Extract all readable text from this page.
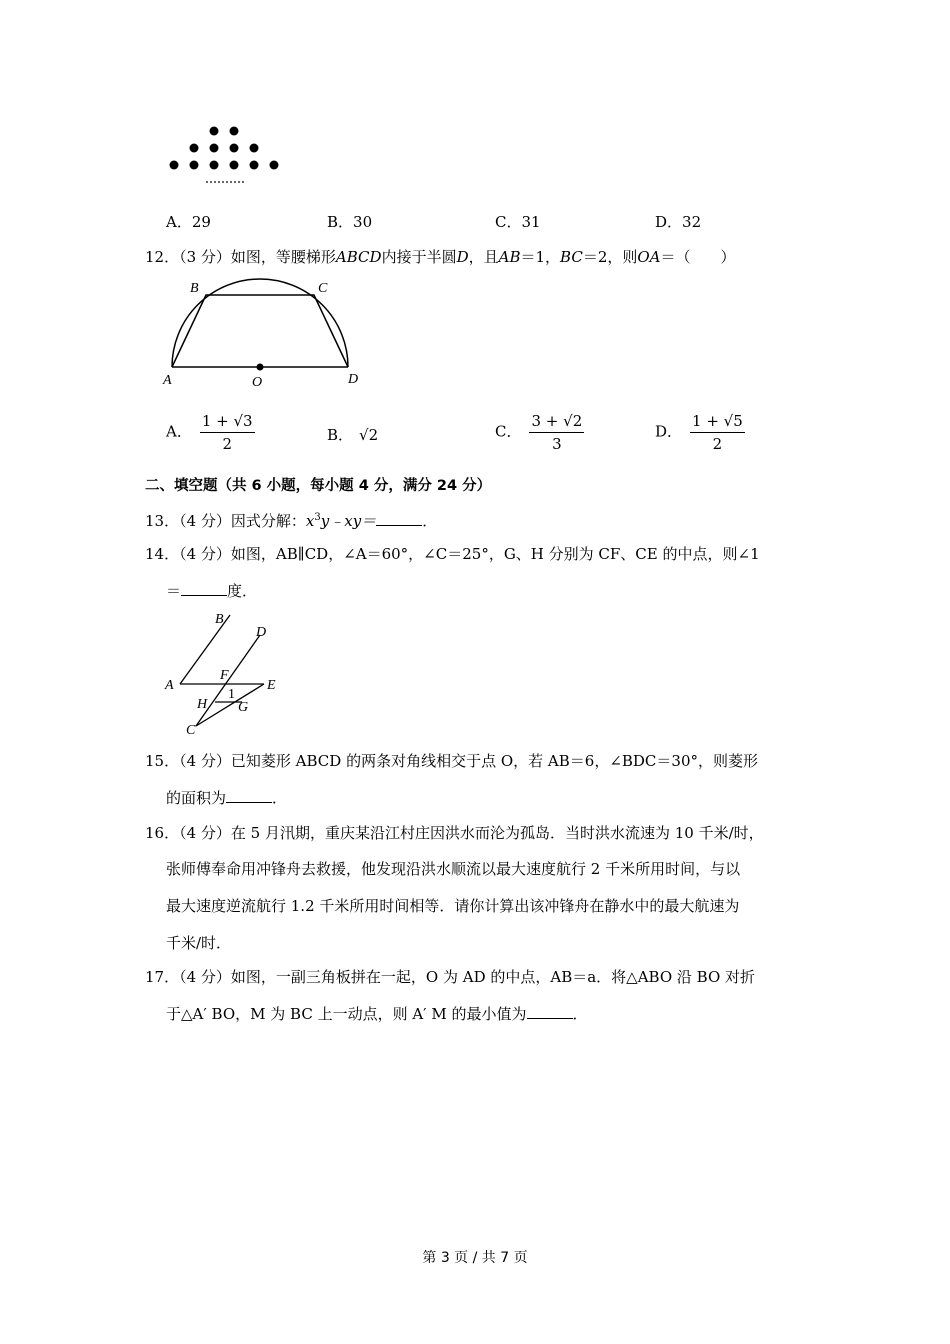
A．29	B．30	C．31	D．32
12．（3 分）如图，等腰梯形ABCD内接于半圆D，且AB＝1，BC＝2，则OA＝（　　）
A
B	C
D
O
A． $\frac{1 + √3}{2}$	B． √2	C． $\frac{3 + √2}{3}$	D． $\frac{1 + √5}{2}$
二、填空题（共 6 小题，每小题 4 分，满分 24 分）
13．（4 分）因式分解：$x^3y﹣xy=$	．
14．（4 分）如图，AB∥CD，∠A＝60°，∠C＝25°，G、H 分别为 CF、CE 的中点，则∠1
＝	度．
A
B
C
D
E
F
G
H
1
15．（4 分）已知菱形 ABCD 的两条对角线相交于点 O，若 AB＝6，∠BDC＝30°，则菱形
的面积为	．
16．（4 分）在 5 月汛期，重庆某沿江村庄因洪水而沦为孤岛．当时洪水流速为 10 千米/时，
张师傅奉命用冲锋舟去救援，他发现沿洪水顺流以最大速度航行 2 千米所用时间，与以
最大速度逆流航行 1.2 千米所用时间相等．请你计算出该冲锋舟在静水中的最大航速为
千米/时．
17．（4 分）如图，一副三角板拼在一起，O 为 AD 的中点，AB＝a．将△ABO 沿 BO 对折
于△A′ BO，M 为 BC 上一动点，则 A′ M 的最小值为	．
第 3 页 / 共 7 页
